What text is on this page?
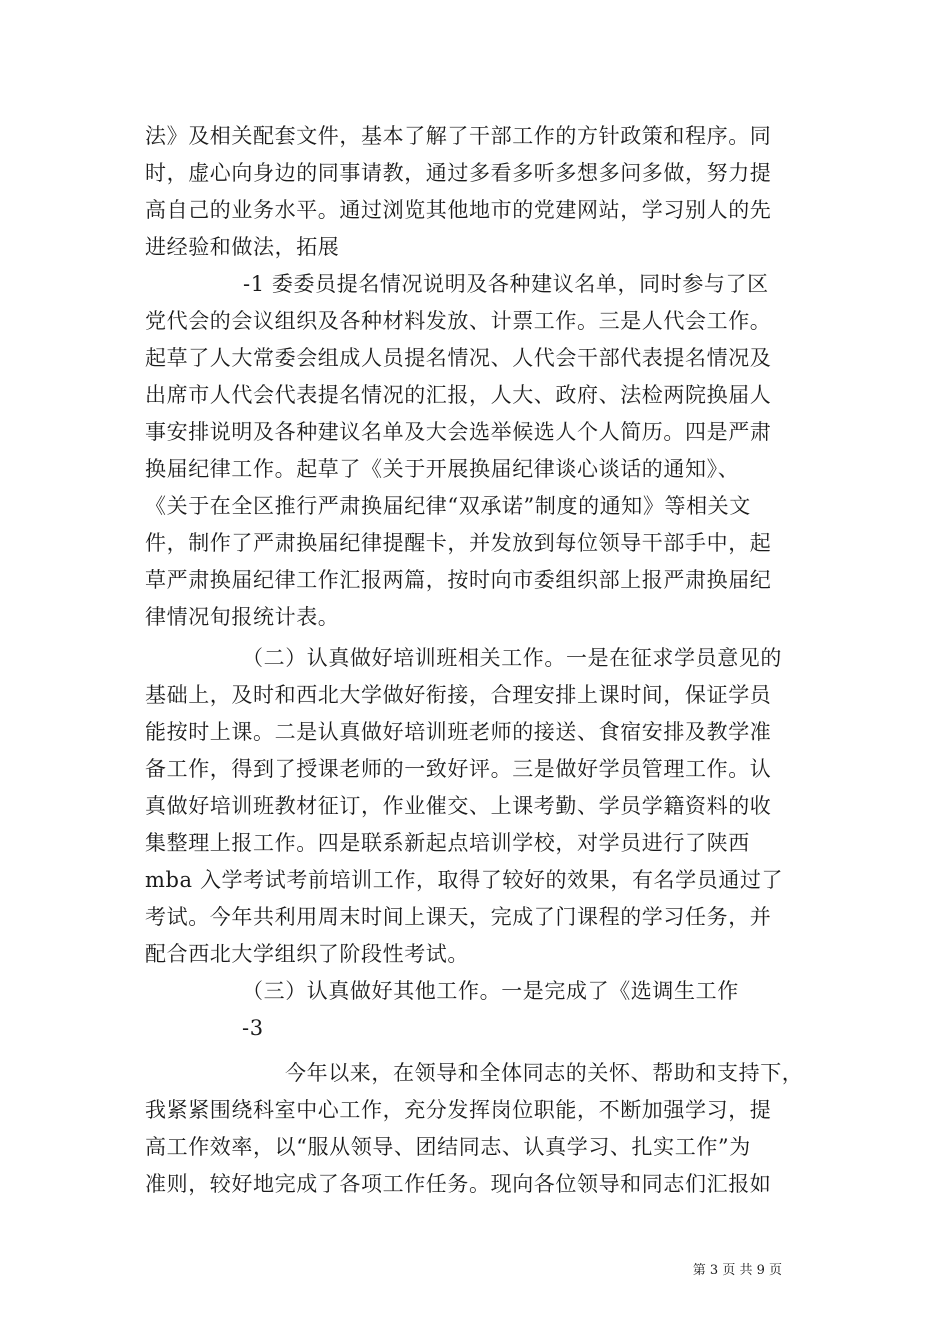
法》及相关配套文件，基本了解了干部工作的方针政策和程序。同
时，虚心向身边的同事请教，通过多看多听多想多问多做，努力提
高自己的业务水平。通过浏览其他地市的党建网站，学习别人的先
进经验和做法，拓展
-1 委委员提名情况说明及各种建议名单，同时参与了区
党代会的会议组织及各种材料发放、计票工作。三是人代会工作。
起草了人大常委会组成人员提名情况、人代会干部代表提名情况及
出席市人代会代表提名情况的汇报，人大、政府、法检两院换届人
事安排说明及各种建议名单及大会选举候选人个人简历。四是严肃
换届纪律工作。起草了《关于开展换届纪律谈心谈话的通知》、
《关于在全区推行严肃换届纪律“双承诺”制度的通知》等相关文
件，制作了严肃换届纪律提醒卡，并发放到每位领导干部手中，起
草严肃换届纪律工作汇报两篇，按时向市委组织部上报严肃换届纪
律情况旬报统计表。
（二）认真做好培训班相关工作。一是在征求学员意见的
基础上，及时和西北大学做好衔接，合理安排上课时间，保证学员
能按时上课。二是认真做好培训班老师的接送、食宿安排及教学准
备工作，得到了授课老师的一致好评。三是做好学员管理工作。认
真做好培训班教材征订，作业催交、上课考勤、学员学籍资料的收
集整理上报工作。四是联系新起点培训学校，对学员进行了陕西
mba 入学考试考前培训工作，取得了较好的效果，有名学员通过了
考试。今年共利用周末时间上课天，完成了门课程的学习任务，并
配合西北大学组织了阶段性考试。
（三）认真做好其他工作。一是完成了《选调生工作
-3
今年以来，在领导和全体同志的关怀、帮助和支持下，
我紧紧围绕科室中心工作，充分发挥岗位职能，不断加强学习，提
高工作效率，以“服从领导、团结同志、认真学习、扎实工作”为
准则，较好地完成了各项工作任务。现向各位领导和同志们汇报如
第 3 页 共 9 页
